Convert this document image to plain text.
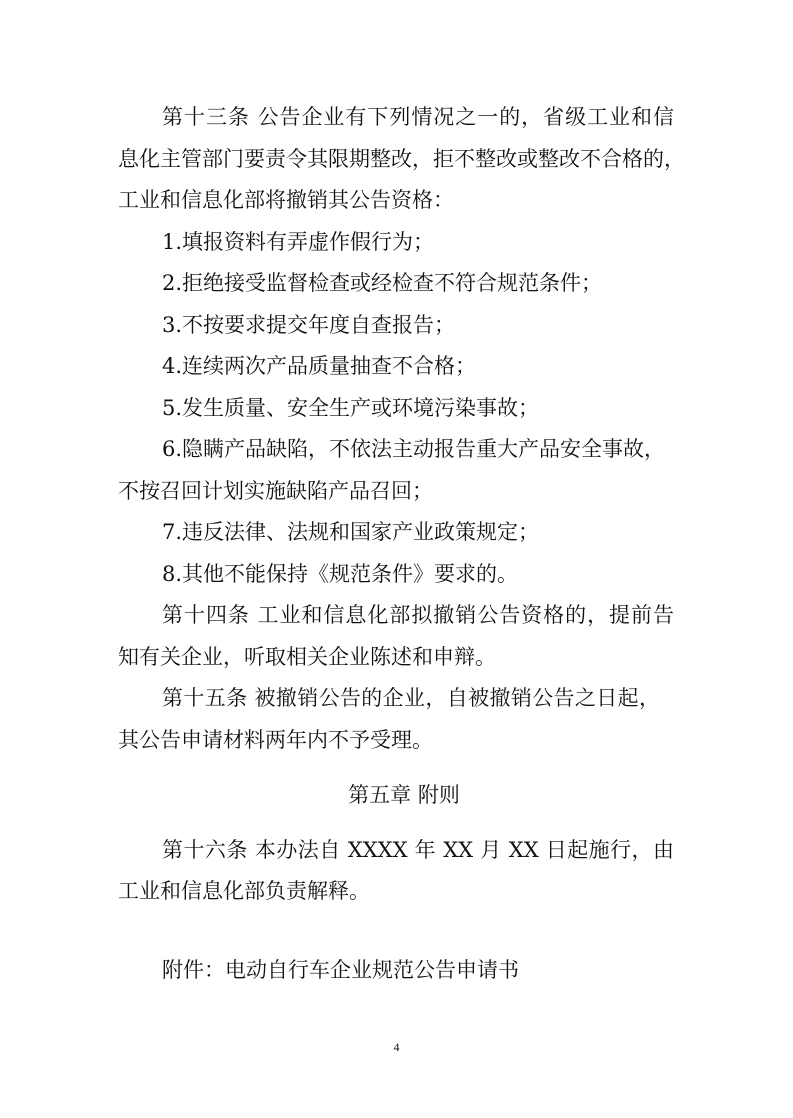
第十三条 公告企业有下列情况之一的，省级工业和信
息化主管部门要责令其限期整改，拒不整改或整改不合格的，
工业和信息化部将撤销其公告资格：
1.填报资料有弄虚作假行为；
2.拒绝接受监督检查或经检查不符合规范条件；
3.不按要求提交年度自查报告；
4.连续两次产品质量抽查不合格；
5.发生质量、安全生产或环境污染事故；
6.隐瞒产品缺陷，不依法主动报告重大产品安全事故，
不按召回计划实施缺陷产品召回；
7.违反法律、法规和国家产业政策规定；
8.其他不能保持《规范条件》要求的。
第十四条 工业和信息化部拟撤销公告资格的，提前告
知有关企业，听取相关企业陈述和申辩。
第十五条 被撤销公告的企业，自被撤销公告之日起，
其公告申请材料两年内不予受理。
第五章 附则
第十六条 本办法自 XXXX 年 XX 月 XX 日起施行，由
工业和信息化部负责解释。
附件：电动自行车企业规范公告申请书
4
